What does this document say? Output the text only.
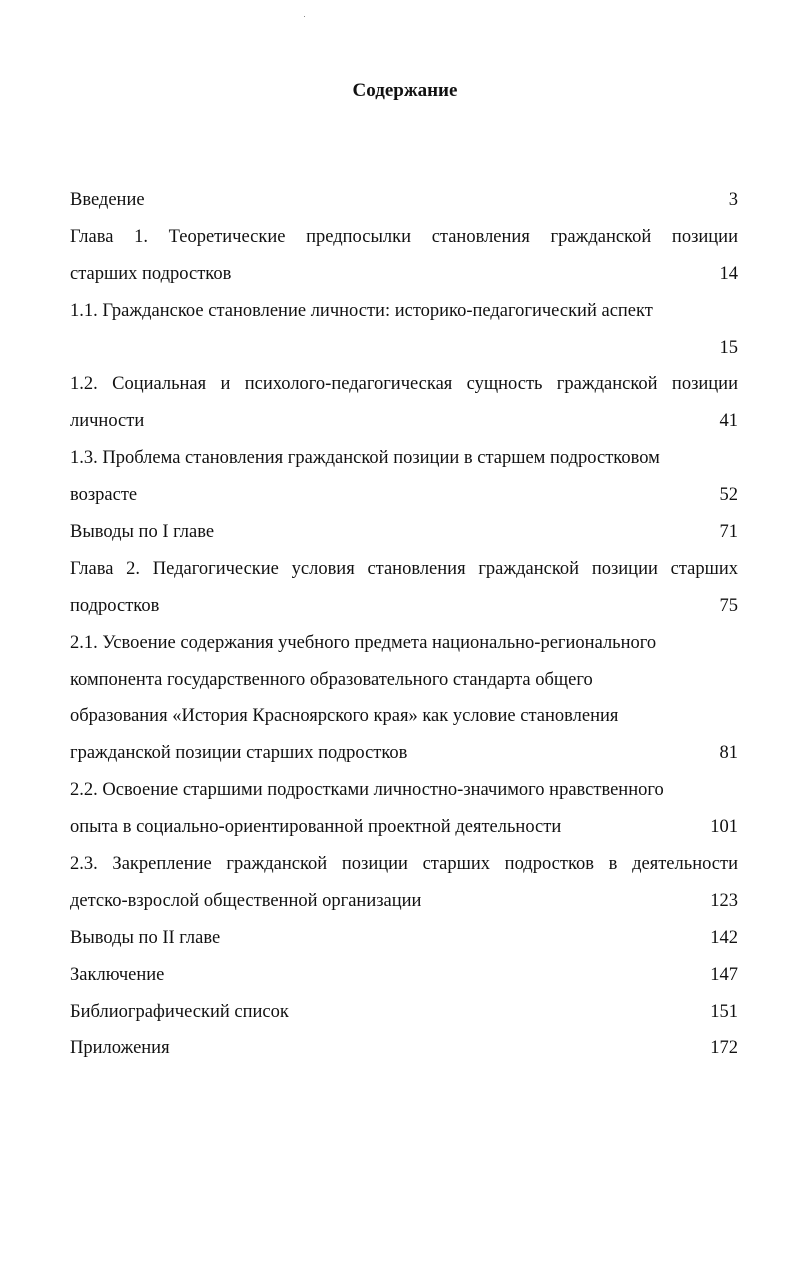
Содержание
Введение	3
Глава 1. Теоретические предпосылки становления гражданской позиции
старших подростков	14
1.1. Гражданское становление личности: историко-педагогический аспект
15
1.2. Социальная и психолого-педагогическая сущность гражданской позиции
личности	41
1.3. Проблема становления гражданской позиции в старшем подростковом
возрасте	52
Выводы по I главе	71
Глава 2. Педагогические условия становления гражданской позиции старших
подростков	75
2.1. Усвоение содержания учебного предмета национально-регионального
компонента государственного образовательного стандарта общего
образования «История Красноярского края» как условие становления
гражданской позиции старших подростков	81
2.2. Освоение старшими подростками личностно-значимого нравственного
опыта в социально-ориентированной проектной деятельности	101
2.3. Закрепление гражданской позиции старших подростков в деятельности
детско-взрослой общественной организации	123
Выводы по II главе	142
Заключение	147
Библиографический список	151
Приложения	172
